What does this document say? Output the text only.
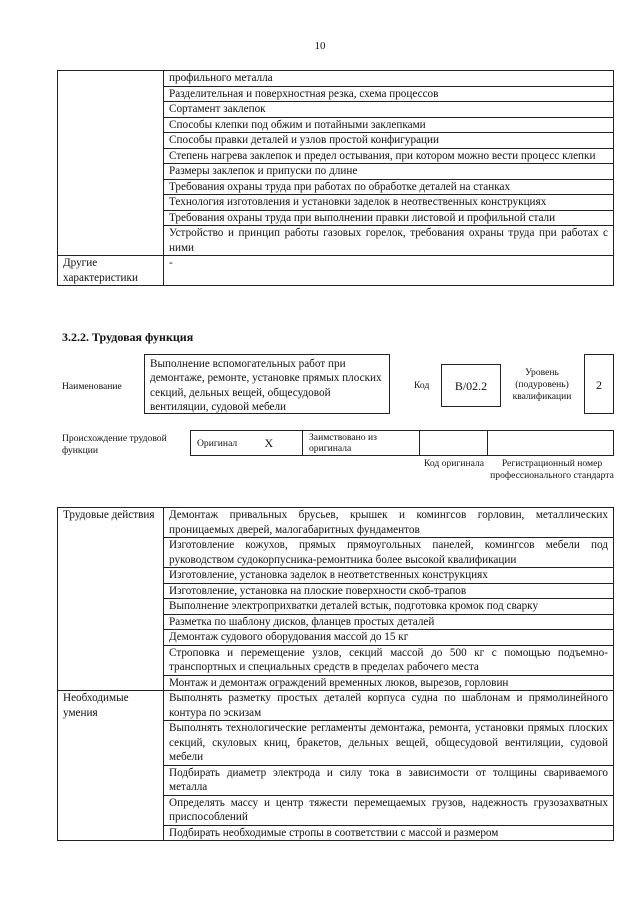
10
	профильного металла
	Разделительная и поверхностная резка, схема процессов
	Сортамент заклепок
	Способы клепки под обжим и потайными заклепками
	Способы правки деталей и узлов простой конфигурации
	Степень нагрева заклепок и предел остывания, при котором можно вести процесс клепки
	Размеры заклепок и припуски по длине
	Требования охраны труда при работах по обработке деталей на станках
	Технология изготовления и установки заделок в неотвественных конструкциях
	Требования охраны труда при выполнении правки листовой и профильной стали
	Устройство и принцип работы газовых горелок, требования охраны труда при работах с ними
Другие характеристики	-
3.2.2. Трудовая функция
Наименование
Выполнение вспомогательных работ при демонтаже, ремонте, установке прямых плоских секций, дельных вещей, общесудовой вентиляции, судовой мебели
Код	B/02.2
Уровень (подуровень) квалификации
2
Происхождение трудовой функции
Оригинал	X	Заимствовано из оригинала		
Код оригинала	Регистрационный номер профессионального стандарта
Трудовые действия	Демонтаж привальных брусьев, крышек и комингсов горловин, металлических проницаемых дверей, малогабаритных фундаментов
	Изготовление кожухов, прямых прямоугольных панелей, комингсов мебели под руководством судокорпусника-ремонтника более высокой квалификации
	Изготовление, установка заделок в неответственных конструкциях
	Изготовление, установка на плоские поверхности скоб-трапов
	Выполнение электроприхватки деталей встык, подготовка кромок под сварку
	Разметка по шаблону дисков, фланцев простых деталей
	Демонтаж судового оборудования массой до 15 кг
	Строповка и перемещение узлов, секций массой до 500 кг с помощью подъемно-транспортных и специальных средств в пределах рабочего места
	Монтаж и демонтаж ограждений временных люков, вырезов, горловин
Необходимые умения	Выполнять разметку простых деталей корпуса судна по шаблонам и прямолинейного контура по эскизам
	Выполнять технологические регламенты демонтажа, ремонта, установки прямых плоских секций, скуловых книц, бракетов, дельных вещей, общесудовой вентиляции, судовой мебели
	Подбирать диаметр электрода и силу тока в зависимости от толщины свариваемого металла
	Определять массу и центр тяжести перемещаемых грузов, надежность грузозахватных приспособлений
	Подбирать необходимые стропы в соответствии с массой и размером
